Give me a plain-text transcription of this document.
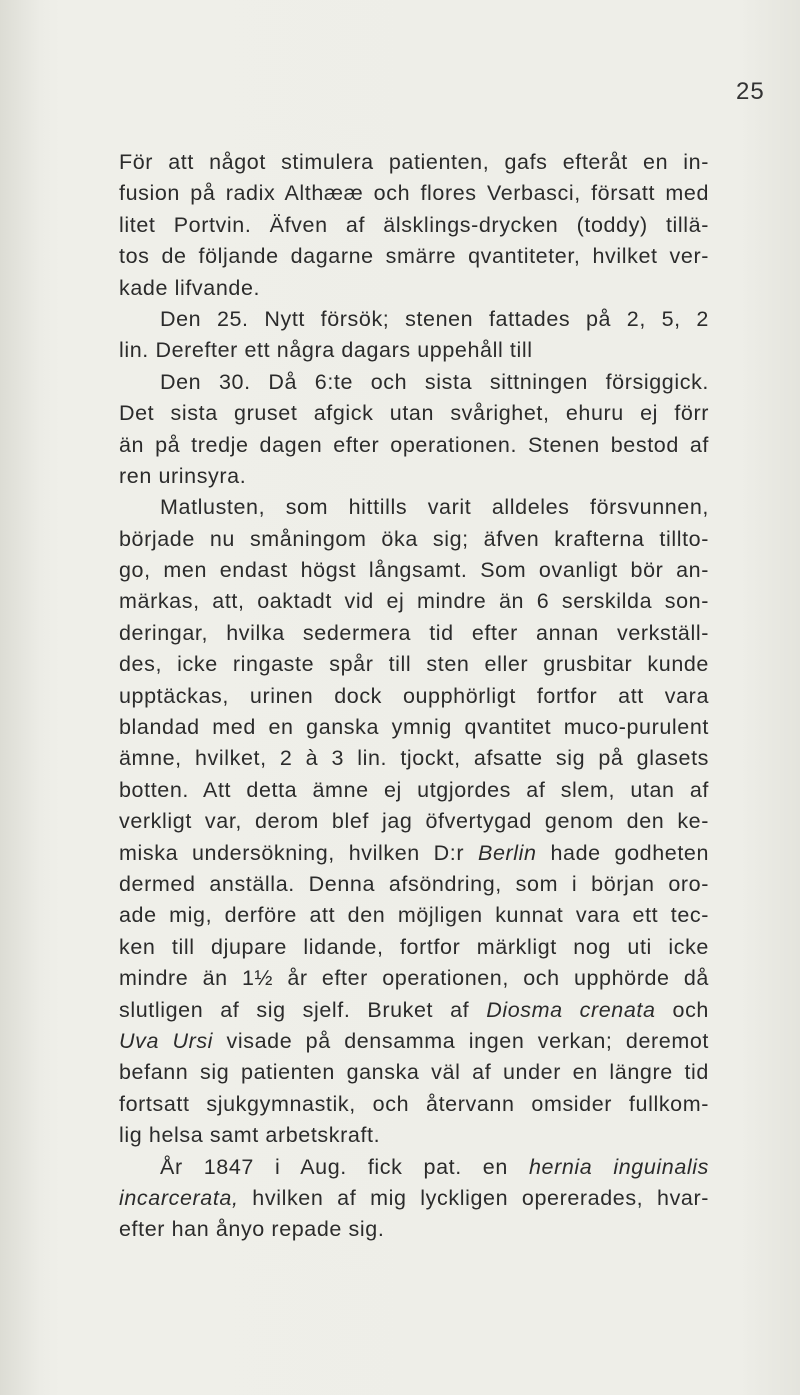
25
För att något stimulera patienten, gafs efteråt en in-
fusion på radix Althææ och flores Verbasci, försatt med
litet Portvin. Äfven af älsklings-drycken (toddy) tillä-
tos de följande dagarne smärre qvantiteter, hvilket ver-
kade lifvande.
Den 25. Nytt försök; stenen fattades på 2, 5, 2
lin. Derefter ett några dagars uppehåll till
Den 30. Då 6:te och sista sittningen försiggick.
Det sista gruset afgick utan svårighet, ehuru ej förr
än på tredje dagen efter operationen. Stenen bestod af
ren urinsyra.
Matlusten, som hittills varit alldeles försvunnen,
började nu småningom öka sig; äfven krafterna tillto-
go, men endast högst långsamt. Som ovanligt bör an-
märkas, att, oaktadt vid ej mindre än 6 serskilda son-
deringar, hvilka sedermera tid efter annan verkställ-
des, icke ringaste spår till sten eller grusbitar kunde
upptäckas, urinen dock oupphörligt fortfor att vara
blandad med en ganska ymnig qvantitet muco-purulent
ämne, hvilket, 2 à 3 lin. tjockt, afsatte sig på glasets
botten. Att detta ämne ej utgjordes af slem, utan af
verkligt var, derom blef jag öfvertygad genom den ke-
miska undersökning, hvilken D:r Berlin hade godheten
dermed anställa. Denna afsöndring, som i början oro-
ade mig, derföre att den möjligen kunnat vara ett tec-
ken till djupare lidande, fortfor märkligt nog uti icke
mindre än 1½ år efter operationen, och upphörde då
slutligen af sig sjelf. Bruket af Diosma crenata och
Uva Ursi visade på densamma ingen verkan; deremot
befann sig patienten ganska väl af under en längre tid
fortsatt sjukgymnastik, och återvann omsider fullkom-
lig helsa samt arbetskraft.
År 1847 i Aug. fick pat. en hernia inguinalis
incarcerata, hvilken af mig lyckligen opererades, hvar-
efter han ånyo repade sig.
